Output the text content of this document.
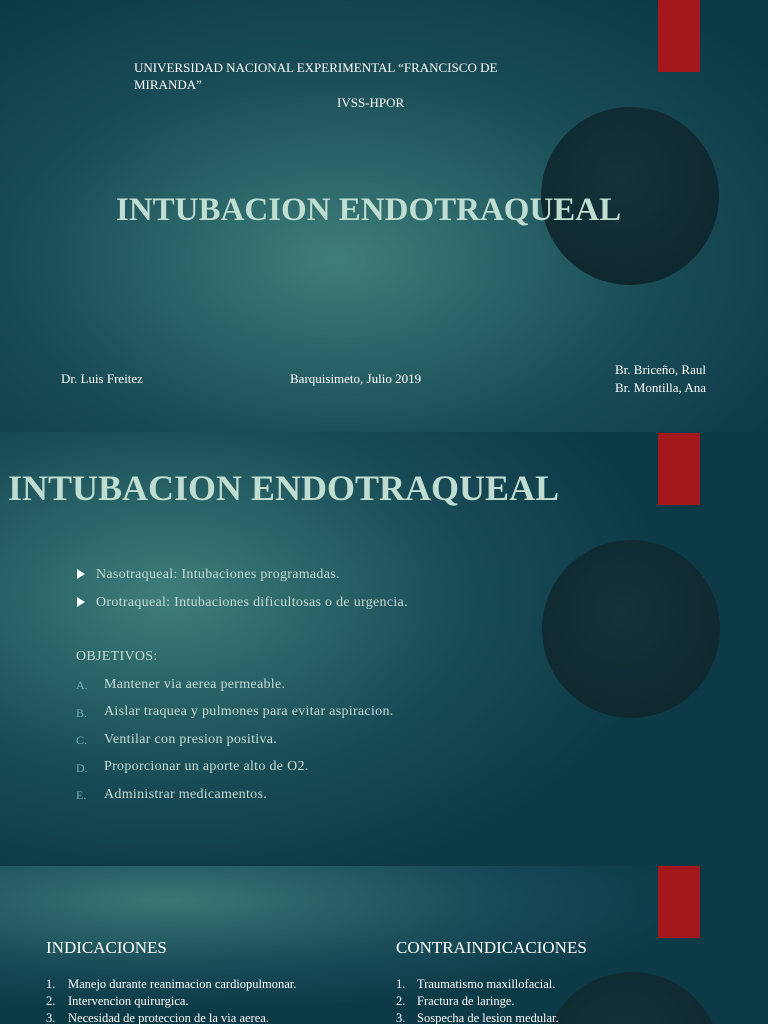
UNIVERSIDAD NACIONAL EXPERIMENTAL “FRANCISCO DE
MIRANDA”
IVSS-HPOR
INTUBACION ENDOTRAQUEAL
Dr. Luis Freitez	Barquisimeto, Julio 2019
Br. Briceño, Raul
Br. Montilla, Ana
INTUBACION ENDOTRAQUEAL
Nasotraqueal: Intubaciones programadas.
Orotraqueal: Intubaciones dificultosas o de urgencia.
OBJETIVOS:
A. Mantener via aerea permeable.
B. Aislar traquea y pulmones para evitar aspiracion.
C. Ventilar con presion positiva.
D. Proporcionar un aporte alto de O2.
E. Administrar medicamentos.
INDICACIONES	CONTRAINDICACIONES
1. Manejo durante reanimacion cardiopulmonar.
2. Intervencion quirurgica.
3. Necesidad de proteccion de la via aerea.
1. Traumatismo maxillofacial.
2. Fractura de laringe.
3. Sospecha de lesion medular.
